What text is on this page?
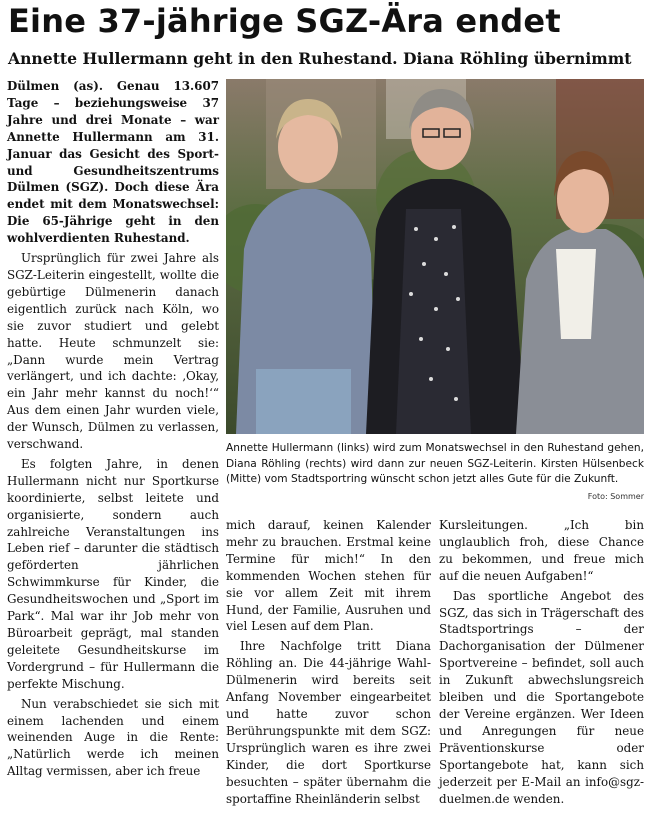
Eine 37-jährige SGZ-Ära endet
Annette Hullermann geht in den Ruhestand. Diana Röhling übernimmt

Dülmen (as). Genau 13.607 Tage – beziehungsweise 37 Jahre und drei Monate – war Annette Hullermann am 31. Januar das Gesicht des Sport- und Gesundheitszentrums Dülmen (SGZ). Doch diese Ära endet mit dem Monatswechsel: Die 65-Jährige geht in den wohlverdienten Ruhestand.

Ursprünglich für zwei Jahre als SGZ-Leiterin eingestellt, wollte die gebürtige Dülmenerin danach eigentlich zurück nach Köln, wo sie zuvor studiert und gelebt hatte. Heute schmunzelt sie: „Dann wurde mein Vertrag verlängert, und ich dachte: ‚Okay, ein Jahr mehr kannst du noch!‘“ Aus dem einen Jahr wurden viele, der Wunsch, Dülmen zu verlassen, verschwand.

Es folgten Jahre, in denen Hullermann nicht nur Sportkurse koordinierte, selbst leitete und organisierte, sondern auch zahlreiche Veranstaltungen ins Leben rief – darunter die städtisch geförderten jährlichen Schwimmkurse für Kinder, die Gesundheitswochen und „Sport im Park“. Mal war ihr Job mehr von Büroarbeit geprägt, mal standen geleitete Gesundheitskurse im Vordergrund – für Hullermann die perfekte Mischung.

Nun verabschiedet sie sich mit einem lachenden und einem weinenden Auge in die Rente: „Natürlich werde ich meinen Alltag vermissen, aber ich freue

Annette Hullermann (links) wird zum Monatswechsel in den Ruhestand gehen, Diana Röhling (rechts) wird dann zur neuen SGZ-Leiterin. Kirsten Hülsenbeck (Mitte) vom Stadtsportring wünscht schon jetzt alles Gute für die Zukunft.
Foto: Sommer

mich darauf, keinen Kalender mehr zu brauchen. Erstmal keine Termine für mich!“ In den kommenden Wochen stehen für sie vor allem Zeit mit ihrem Hund, der Familie, Ausruhen und viel Lesen auf dem Plan.

Ihre Nachfolge tritt Diana Röhling an. Die 44-jährige Wahl-Dülmenerin wird bereits seit Anfang November eingearbeitet und hatte zuvor schon Berührungspunkte mit dem SGZ: Ursprünglich waren es ihre zwei Kinder, die dort Sportkurse besuchten – später übernahm die sportaffine Rheinländerin selbst

Kursleitungen. „Ich bin unglaublich froh, diese Chance zu bekommen, und freue mich auf die neuen Aufgaben!“

Das sportliche Angebot des SGZ, das sich in Trägerschaft des Stadtsportrings – der Dachorganisation der Dülmener Sportvereine – befindet, soll auch in Zukunft abwechslungsreich bleiben und die Sportangebote der Vereine ergänzen. Wer Ideen und Anregungen für neue Präventionskurse oder Sportangebote hat, kann sich jederzeit per E-Mail an info@sgz-duelmen.de wenden.
